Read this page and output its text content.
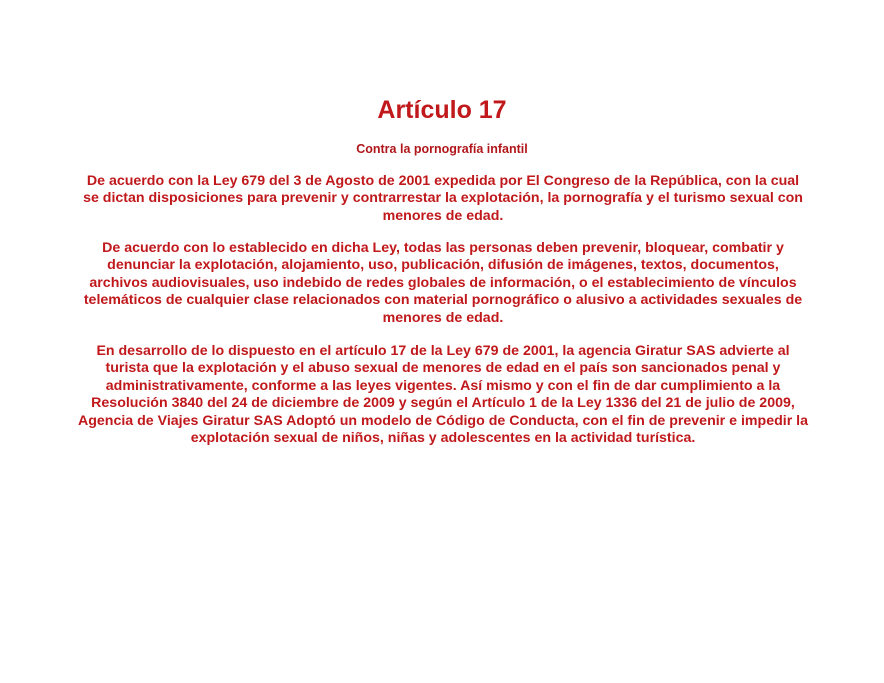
Artículo 17

Contra la pornografía infantil

De acuerdo con la Ley 679 del 3 de Agosto de 2001 expedida por El Congreso de la República, con la cual se dictan disposiciones para prevenir y contrarrestar la explotación, la pornografía y el turismo sexual con menores de edad.

De acuerdo con lo establecido en dicha Ley, todas las personas deben prevenir, bloquear, combatir y denunciar la explotación, alojamiento, uso, publicación, difusión de imágenes, textos, documentos, archivos audiovisuales, uso indebido de redes globales de información, o el establecimiento de vínculos telemáticos de cualquier clase relacionados con material pornográfico o alusivo a actividades sexuales de menores de edad.

En desarrollo de lo dispuesto en el artículo 17 de la Ley 679 de 2001, la agencia Giratur SAS advierte al turista que la explotación y el abuso sexual de menores de edad en el país son sancionados penal y administrativamente, conforme a las leyes vigentes. Así mismo y con el fin de dar cumplimiento a la Resolución 3840 del 24 de diciembre de 2009 y según el Artículo 1 de la Ley 1336 del 21 de julio de 2009, Agencia de Viajes Giratur SAS Adoptó un modelo de Código de Conducta, con el fin de prevenir e impedir la explotación sexual de niños, niñas y adolescentes en la actividad turística.
